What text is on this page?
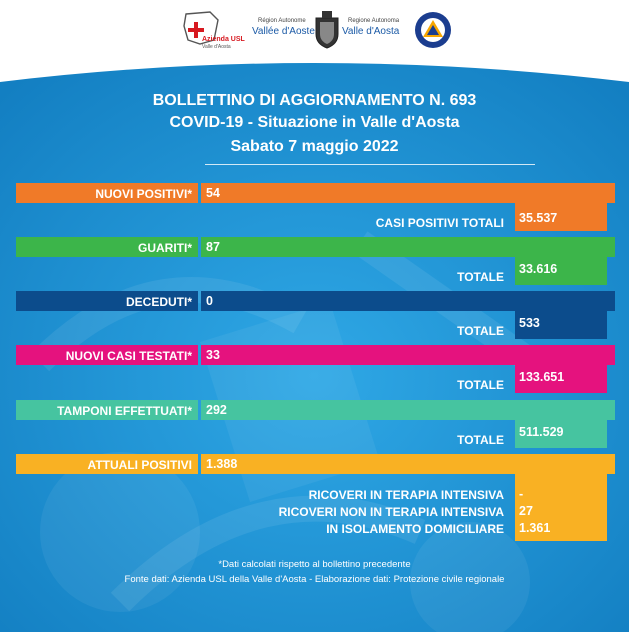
Azienda USL
Valle d'Aosta
Région Autonome
Vallée d'Aoste
Regione Autonoma
Valle d'Aosta
BOLLETTINO DI AGGIORNAMENTO N. 693
COVID-19 - Situazione in Valle d'Aosta
Sabato 7 maggio 2022
NUOVI POSITIVI* 54
CASI POSITIVI TOTALI 35.537
GUARITI* 87
TOTALE
33.616
DECEDUTI* 0
TOTALE
533
NUOVI CASI TESTATI* 33
TOTALE
133.651
TAMPONI EFFETTUATI* 292
TOTALE
511.529
ATTUALI POSITIVI 1.388
RICOVERI IN TERAPIA INTENSIVA -
RICOVERI NON IN TERAPIA INTENSIVA 27
IN ISOLAMENTO DOMICILIARE 1.361
*Dati calcolati rispetto al bollettino precedente
Fonte dati: Azienda USL della Valle d'Aosta - Elaborazione dati: Protezione civile regionale
